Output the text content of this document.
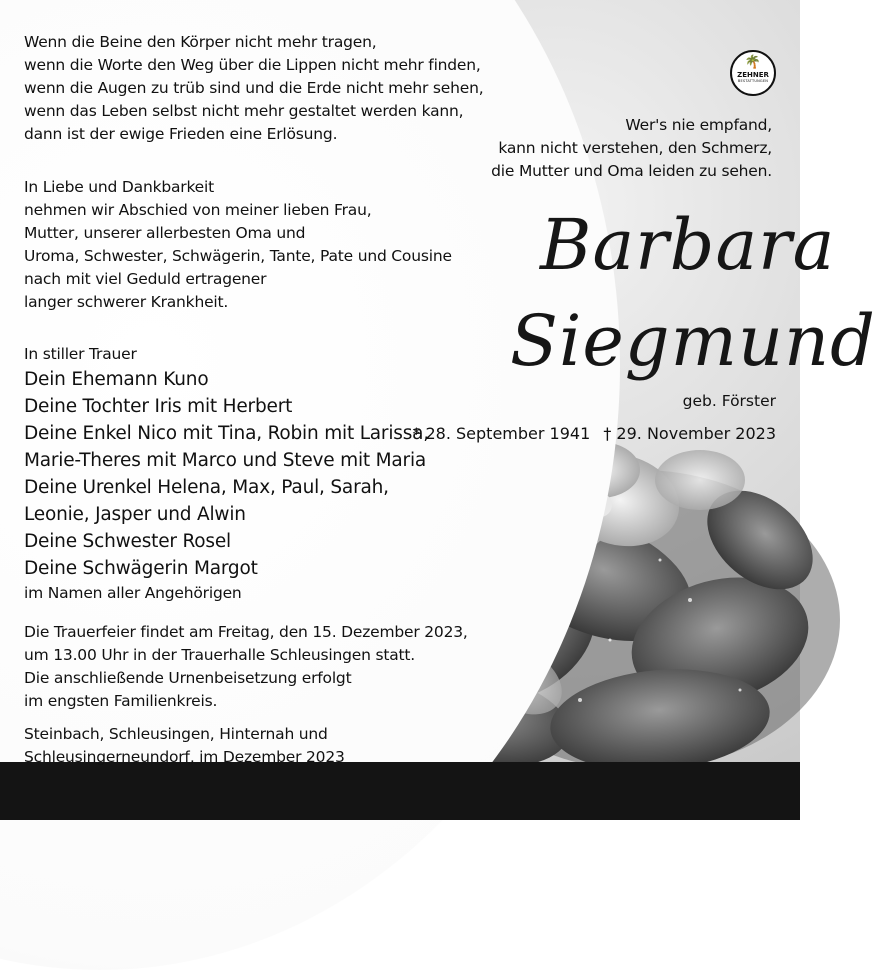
Wenn die Beine den Körper nicht mehr tragen,
wenn die Worte den Weg über die Lippen nicht mehr finden,
wenn die Augen zu trüb sind und die Erde nicht mehr sehen,
wenn das Leben selbst nicht mehr gestaltet werden kann,
dann ist der ewige Frieden eine Erlösung.
In Liebe und Dankbarkeit
nehmen wir Abschied von meiner lieben Frau,
Mutter, unserer allerbesten Oma und
Uroma, Schwester, Schwägerin, Tante, Pate und Cousine
nach mit viel Geduld ertragener
langer schwerer Krankheit.
In stiller Trauer
Dein Ehemann Kuno
Deine Tochter Iris mit Herbert
Deine Enkel Nico mit Tina, Robin mit Larissa,
Marie-Theres mit Marco und Steve mit Maria
Deine Urenkel Helena, Max, Paul, Sarah,
Leonie, Jasper und Alwin
Deine Schwester Rosel
Deine Schwägerin Margot
im Namen aller Angehörigen
Die Trauerfeier findet am Freitag, den 15. Dezember 2023,
um 13.00 Uhr in der Trauerhalle Schleusingen statt.
Die anschließende Urnenbeisetzung erfolgt
im engsten Familienkreis.
Steinbach, Schleusingen, Hinternah und
Schleusingerneundorf, im Dezember 2023
🌴
ZEHNER
BESTATTUNGEN
Wer's nie empfand,
kann nicht verstehen, den Schmerz,
die Mutter und Oma leiden zu sehen.
Barbara
Siegmund
geb. Förster
* 28. September 1941 † 29. November 2023
